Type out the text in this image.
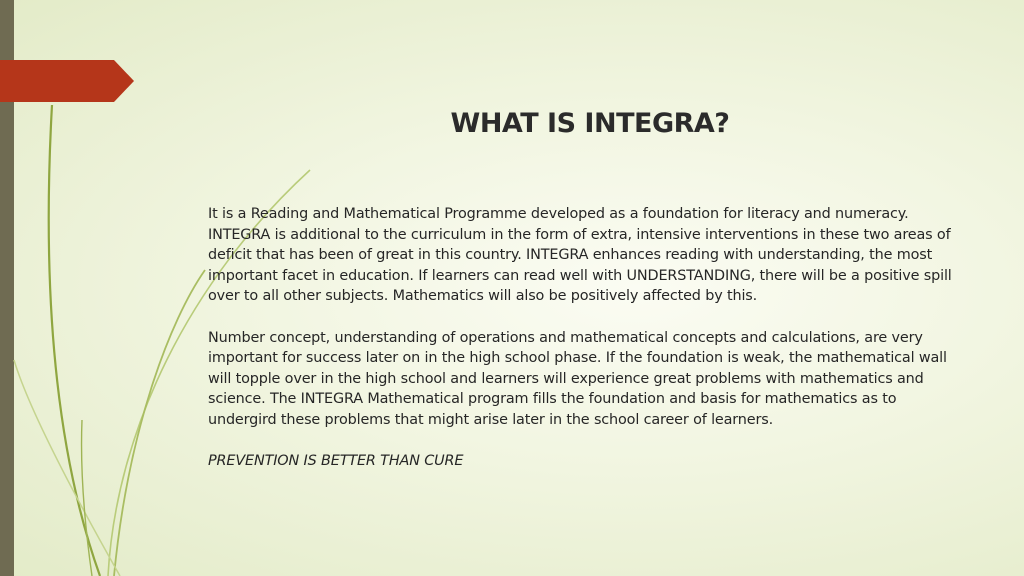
WHAT IS INTEGRA?

It is a Reading and Mathematical Programme developed as a foundation for literacy and numeracy. INTEGRA is additional to the curriculum in the form of extra, intensive interventions in these two areas of deficit that has been of great in this country. INTEGRA enhances reading with understanding, the most important facet in education. If learners can read well with UNDERSTANDING, there will be a positive spill over to all other subjects. Mathematics will also be positively affected by this.

Number concept, understanding of operations and mathematical concepts and calculations, are very important for success later on in the high school phase. If the foundation is weak, the mathematical wall will topple over in the high school and learners will experience great problems with mathematics and science. The INTEGRA Mathematical program fills the foundation and basis for mathematics as to undergird these problems that might arise later in the school career of learners.

PREVENTION IS BETTER THAN CURE
